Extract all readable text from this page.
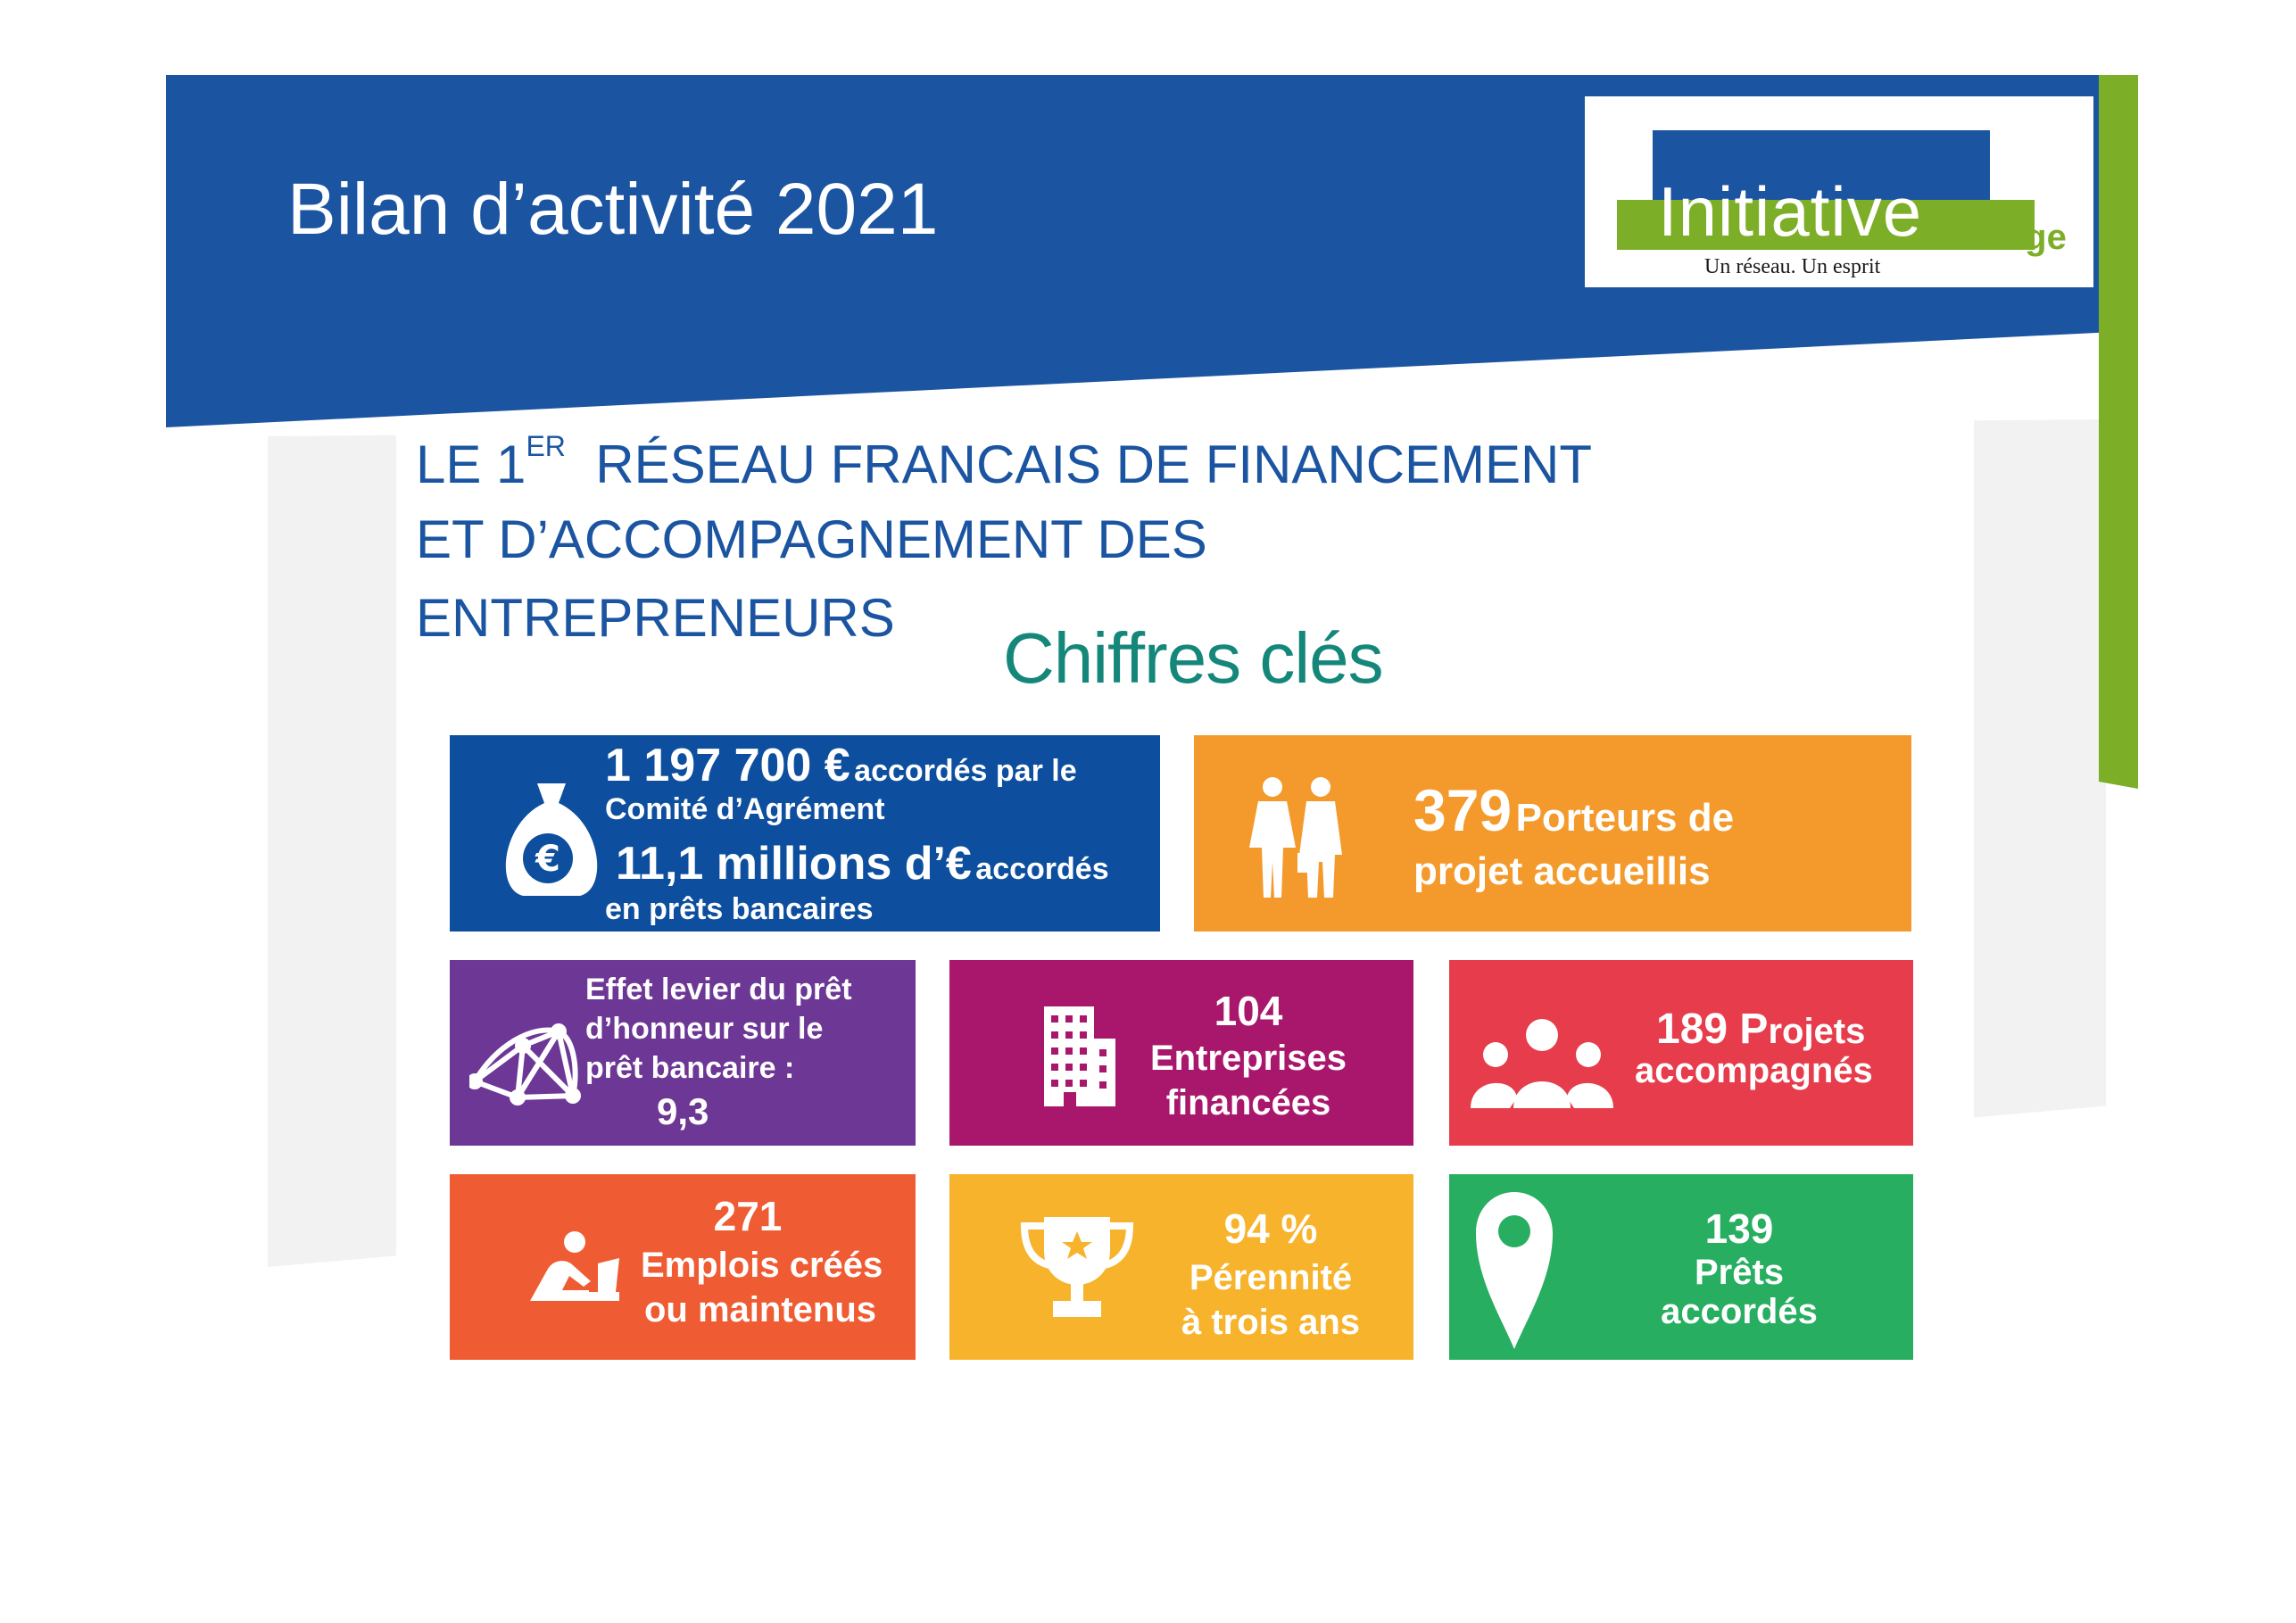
Bilan d’activité 2021	Initiative ariège
Un réseau. Un esprit
LE 1ER RÉSEAU FRANCAIS DE FINANCEMENT
ET D’ACCOMPAGNEMENT DES
ENTREPRENEURS
Chiffres clés
€
1 197 700 € accordés par le
Comité d’Agrément
11,1 millions d’€ accordés
en prêts bancaires
379 Porteurs de
projet accueillis
Effet levier du prêt
d’honneur sur le
prêt bancaire :
9,3
104
Entreprises
financées
189 Projets
accompagnés
271
Emplois créés
ou maintenus
94 %
Pérennité
à trois ans
139
Prêts
accordés
